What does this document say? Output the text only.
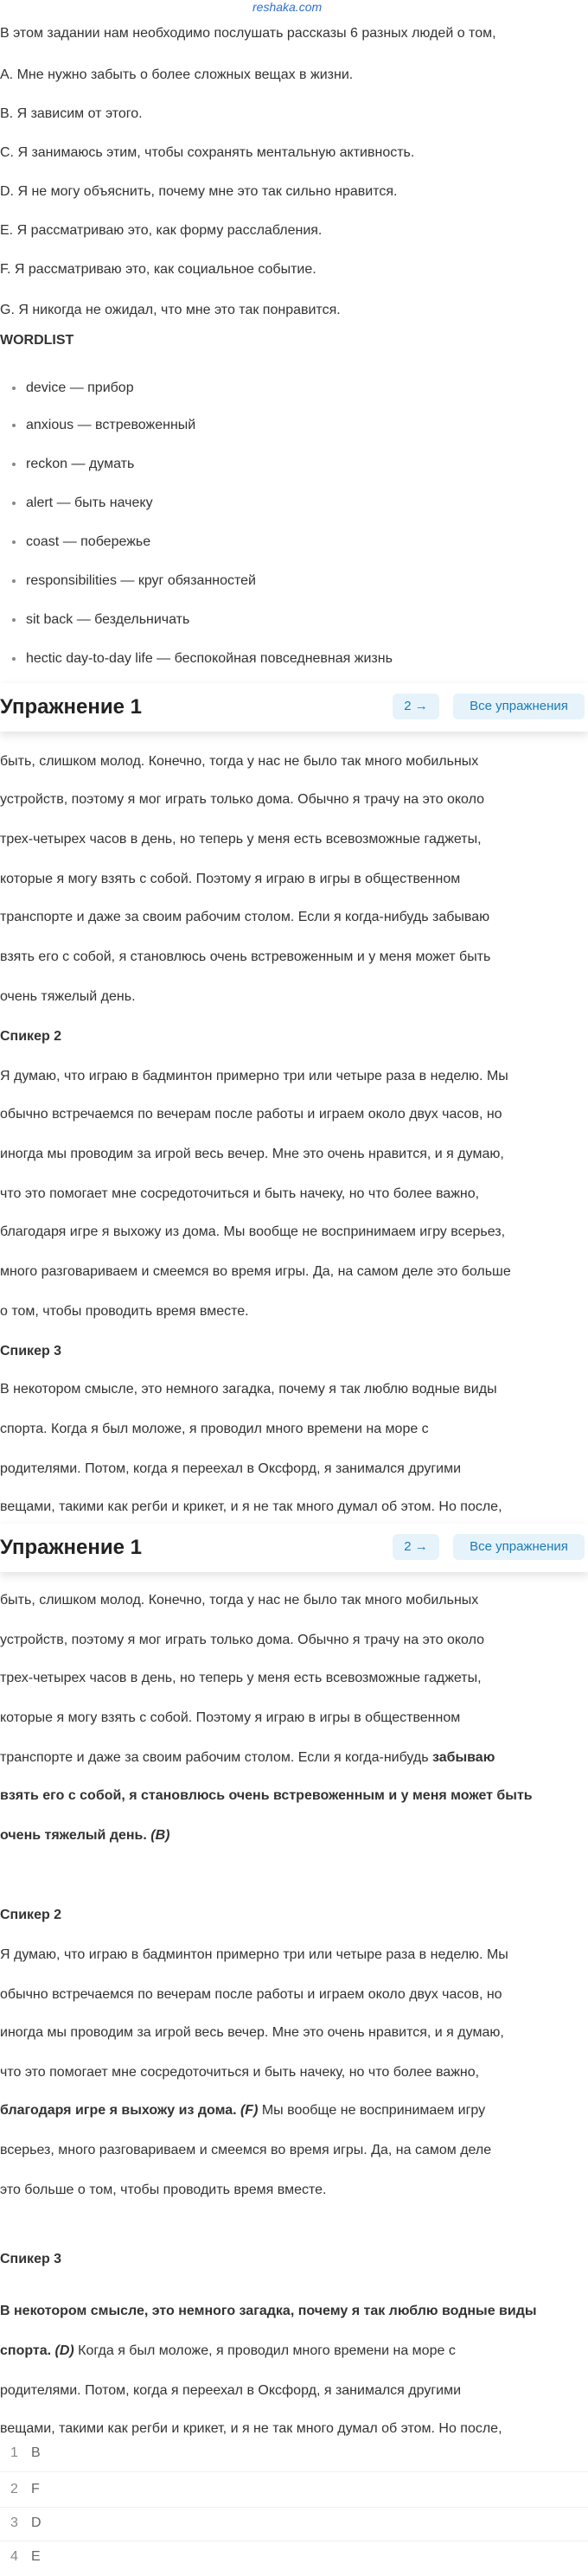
reshaka.com
В этом задании нам необходимо послушать рассказы 6 разных людей о том,
A. Мне нужно забыть о более сложных вещах в жизни.
B. Я зависим от этого.
C. Я занимаюсь этим, чтобы сохранять ментальную активность.
D. Я не могу объяснить, почему мне это так сильно нравится.
E. Я рассматриваю это, как форму расслабления.
F. Я рассматриваю это, как социальное событие.
G. Я никогда не ожидал, что мне это так понравится.
WORDLIST
device — прибор
anxious — встревоженный
reckon — думать
alert — быть начеку
coast — побережье
responsibilities — круг обязанностей
sit back — бездельничать
hectic day-to-day life — беспокойная повседневная жизнь
Упражнение 1	2 →	Все упражнения
быть, слишком молод. Конечно, тогда у нас не было так много мобильных
устройств, поэтому я мог играть только дома. Обычно я трачу на это около
трех-четырех часов в день, но теперь у меня есть всевозможные гаджеты,
которые я могу взять с собой. Поэтому я играю в игры в общественном
транспорте и даже за своим рабочим столом. Если я когда-нибудь забываю
взять его с собой, я становлюсь очень встревоженным и у меня может быть
очень тяжелый день.
Спикер 2
Я думаю, что играю в бадминтон примерно три или четыре раза в неделю. Мы
обычно встречаемся по вечерам после работы и играем около двух часов, но
иногда мы проводим за игрой весь вечер. Мне это очень нравится, и я думаю,
что это помогает мне сосредоточиться и быть начеку, но что более важно,
благодаря игре я выхожу из дома. Мы вообще не воспринимаем игру всерьез,
много разговариваем и смеемся во время игры. Да, на самом деле это больше
о том, чтобы проводить время вместе.
Спикер 3
В некотором смысле, это немного загадка, почему я так люблю водные виды
спорта. Когда я был моложе, я проводил много времени на море с
родителями. Потом, когда я переехал в Оксфорд, я занимался другими
вещами, такими как регби и крикет, и я не так много думал об этом. Но после,
Упражнение 1	2 →	Все упражнения
быть, слишком молод. Конечно, тогда у нас не было так много мобильных
устройств, поэтому я мог играть только дома. Обычно я трачу на это около
трех-четырех часов в день, но теперь у меня есть всевозможные гаджеты,
которые я могу взять с собой. Поэтому я играю в игры в общественном
транспорте и даже за своим рабочим столом. Если я когда-нибудь забываю
взять его с собой, я становлюсь очень встревоженным и у меня может быть
очень тяжелый день. (B)
Спикер 2
Я думаю, что играю в бадминтон примерно три или четыре раза в неделю. Мы
обычно встречаемся по вечерам после работы и играем около двух часов, но
иногда мы проводим за игрой весь вечер. Мне это очень нравится, и я думаю,
что это помогает мне сосредоточиться и быть начеку, но что более важно,
благодаря игре я выхожу из дома. (F) Мы вообще не воспринимаем игру
всерьез, много разговариваем и смеемся во время игры. Да, на самом деле
это больше о том, чтобы проводить время вместе.
Спикер 3
В некотором смысле, это немного загадка, почему я так люблю водные виды
спорта. (D) Когда я был моложе, я проводил много времени на море с
родителями. Потом, когда я переехал в Оксфорд, я занимался другими
вещами, такими как регби и крикет, и я не так много думал об этом. Но после,
1 B
2 F
3 D
4 E
